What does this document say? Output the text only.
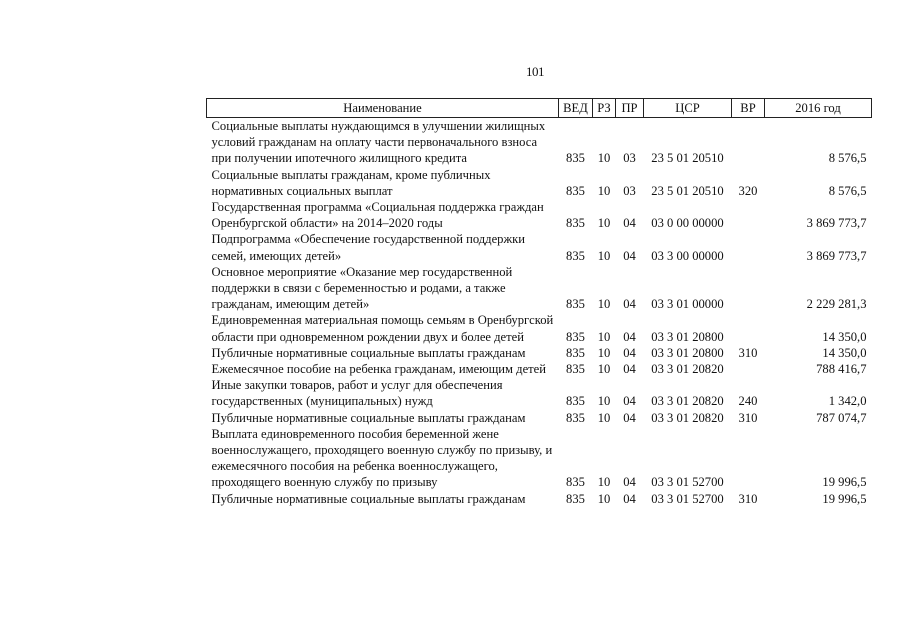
101
Наименование	ВЕД	РЗ	ПР	ЦСР	ВР	2016 год
Социальные выплаты нуждающимся в улучшении жилищных условий гражданам на оплату части первоначального взноса при получении ипотечного жилищного кредита	835	10	03	23 5 01 20510		8 576,5
Социальные выплаты гражданам, кроме публичных нормативных социальных выплат	835	10	03	23 5 01 20510	320	8 576,5
Государственная программа «Социальная поддержка граждан Оренбургской области» на 2014–2020 годы	835	10	04	03 0 00 00000		3 869 773,7
Подпрограмма «Обеспечение государственной поддержки семей, имеющих детей»	835	10	04	03 3 00 00000		3 869 773,7
Основное мероприятие «Оказание мер государственной поддержки в связи с беременностью и родами, а также гражданам, имеющим детей»	835	10	04	03 3 01 00000		2 229 281,3
Единовременная материальная помощь семьям в Оренбургской области при одновременном рождении двух и более детей	835	10	04	03 3 01 20800		14 350,0
Публичные нормативные социальные выплаты гражданам	835	10	04	03 3 01 20800	310	14 350,0
Ежемесячное пособие на ребенка гражданам, имеющим детей	835	10	04	03 3 01 20820		788 416,7
Иные закупки товаров, работ и услуг для обеспечения государственных (муниципальных) нужд	835	10	04	03 3 01 20820	240	1 342,0
Публичные нормативные социальные выплаты гражданам	835	10	04	03 3 01 20820	310	787 074,7
Выплата единовременного пособия беременной жене военнослужащего, проходящего военную службу по призыву, и ежемесячного пособия на ребенка военнослужащего, проходящего военную службу по призыву	835	10	04	03 3 01 52700		19 996,5
Публичные нормативные социальные выплаты гражданам	835	10	04	03 3 01 52700	310	19 996,5
